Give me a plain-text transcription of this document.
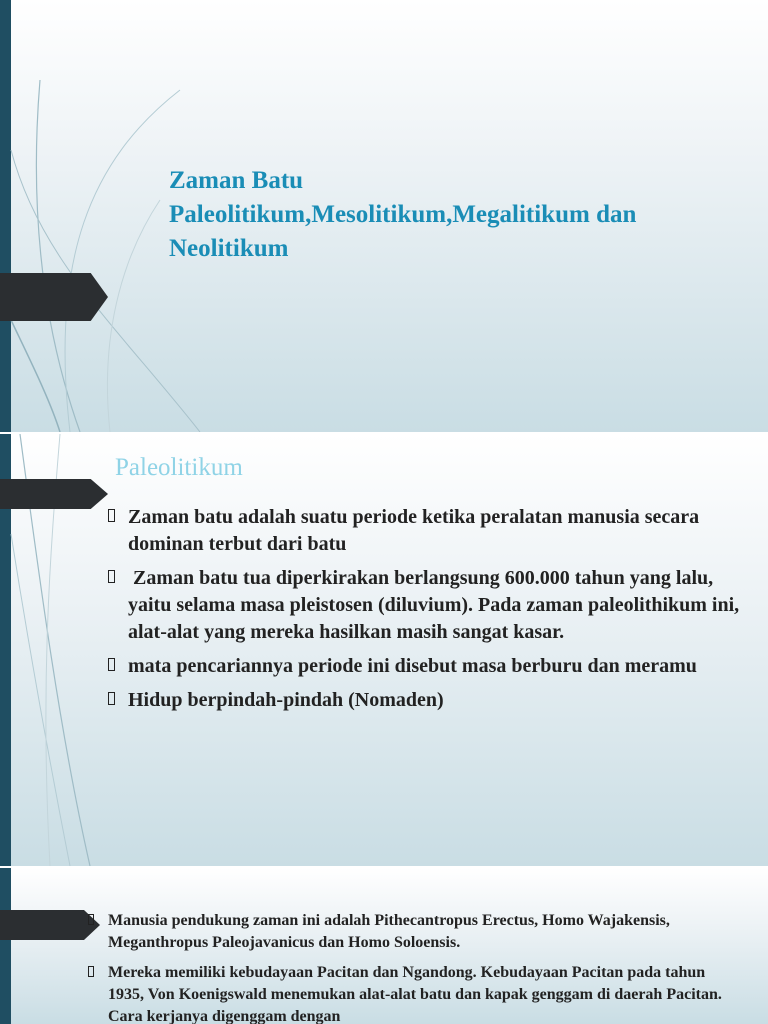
Zaman Batu
Paleolitikum,Mesolitikum,Megalitikum dan
Neolitikum
Paleolitikum
Zaman batu adalah suatu periode ketika peralatan manusia secara dominan terbut dari batu
Zaman batu tua diperkirakan berlangsung 600.000 tahun yang lalu, yaitu selama masa pleistosen (diluvium). Pada zaman paleolithikum ini, alat-alat yang mereka hasilkan masih sangat kasar.
mata pencariannya periode ini disebut masa berburu dan meramu
Hidup berpindah-pindah (Nomaden)
Manusia pendukung zaman ini adalah Pithecantropus Erectus, Homo Wajakensis, Meganthropus Paleojavanicus dan Homo Soloensis.
Mereka memiliki kebudayaan Pacitan dan Ngandong. Kebudayaan Pacitan pada tahun 1935, Von Koenigswald menemukan alat-alat batu dan kapak genggam di daerah Pacitan. Cara kerjanya digenggam dengan
